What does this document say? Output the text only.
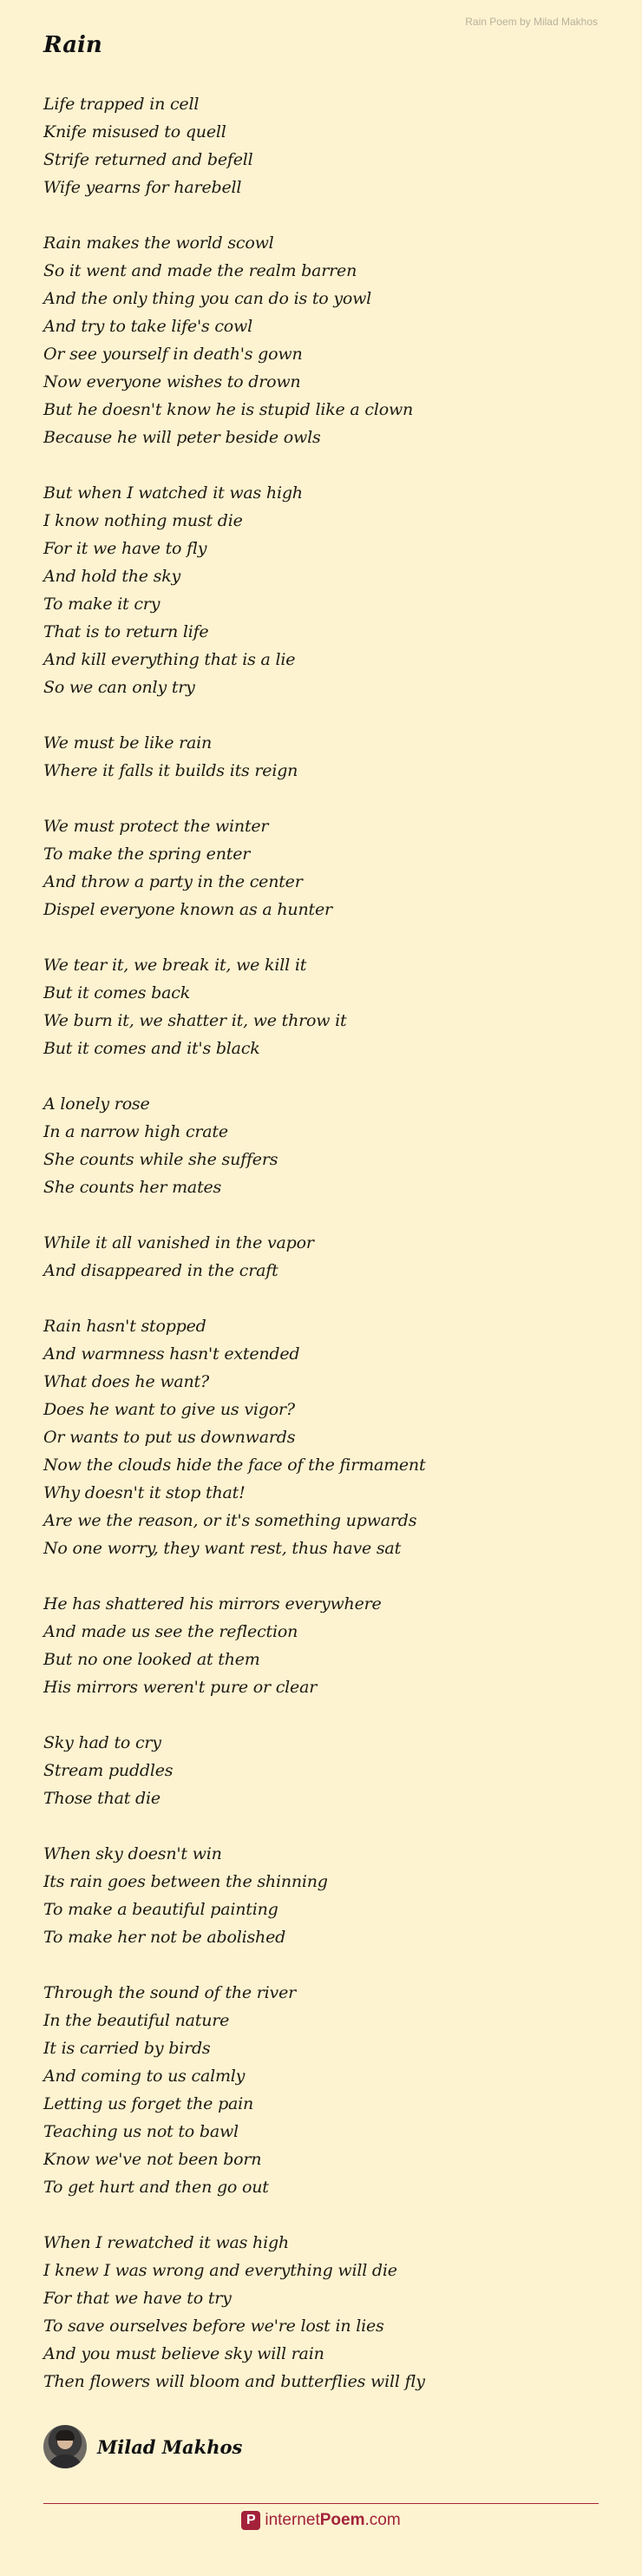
Rain Poem by Milad Makhos
Rain
Life trapped in cell
Knife misused to quell
Strife returned and befell
Wife yearns for harebell
Rain makes the world scowl
So it went and made the realm barren
And the only thing you can do is to yowl
And try to take life's cowl
Or see yourself in death's gown
Now everyone wishes to drown
But he doesn't know he is stupid like a clown
Because he will peter beside owls
But when I watched it was high
I know nothing must die
For it we have to fly
And hold the sky
To make it cry
That is to return life
And kill everything that is a lie
So we can only try
We must be like rain
Where it falls it builds its reign
We must protect the winter
To make the spring enter
And throw a party in the center
Dispel everyone known as a hunter
We tear it, we break it, we kill it
But it comes back
We burn it, we shatter it, we throw it
But it comes and it's black
A lonely rose
In a narrow high crate
She counts while she suffers
She counts her mates
While it all vanished in the vapor
And disappeared in the craft
Rain hasn't stopped
And warmness hasn't extended
What does he want?
Does he want to give us vigor?
Or wants to put us downwards
Now the clouds hide the face of the firmament
Why doesn't it stop that!
Are we the reason, or it's something upwards
No one worry, they want rest, thus have sat
He has shattered his mirrors everywhere
And made us see the reflection
But no one looked at them
His mirrors weren't pure or clear
Sky had to cry
Stream puddles
Those that die
When sky doesn't win
Its rain goes between the shinning
To make a beautiful painting
To make her not be abolished
Through the sound of the river
In the beautiful nature
It is carried by birds
And coming to us calmly
Letting us forget the pain
Teaching us not to bawl
Know we've not been born
To get hurt and then go out
When I rewatched it was high
I knew I was wrong and everything will die
For that we have to try
To save ourselves before we're lost in lies
And you must believe sky will rain
Then flowers will bloom and butterflies will fly
Milad Makhos
P internet Poem .com
